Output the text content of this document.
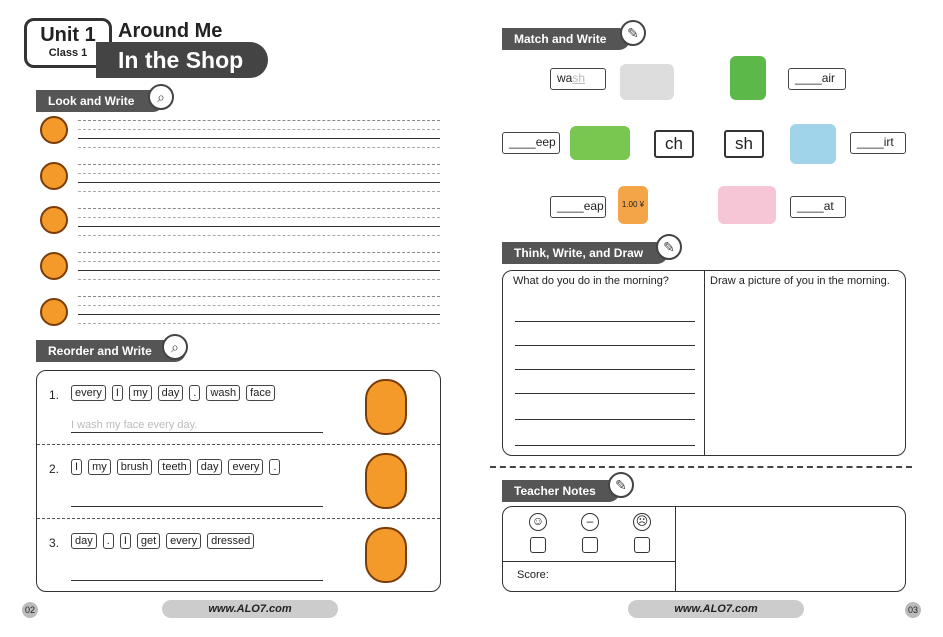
Unit 1
Class 1
Around Me
In the Shop
Look and Write	⌕
Reorder and Write	⌕
1.	every	I	my	day	.	wash	face
I wash my face every day.
2.	I	my	brush	teeth	day	every	.
3.	day	.	I	get	every	dressed
02	www.ALO7.com
Match and Write	✎
wash	____air
____eep	ch	sh	____irt
____eap	1.00 ¥	____at
Think, Write, and Draw	✎
What do you do in the morning?	Draw a picture of you in the morning.
Teacher Notes	✎
☺	–	☹
Score:
www.ALO7.com	03
